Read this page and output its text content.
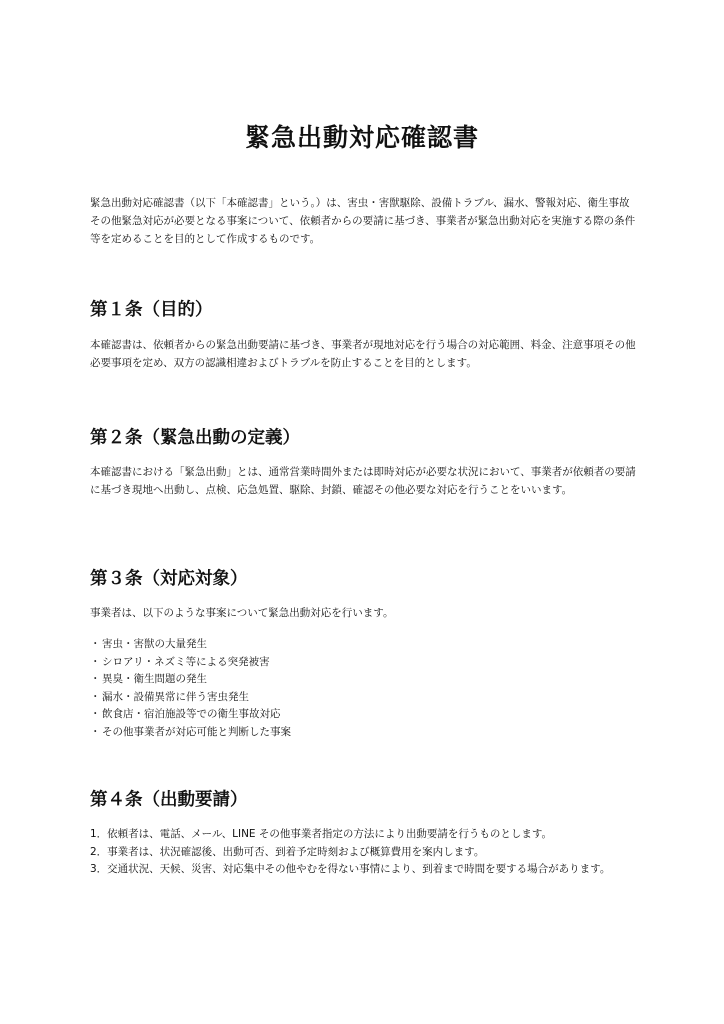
緊急出動対応確認書

緊急出動対応確認書（以下「本確認書」という。）は、害虫・害獣駆除、設備トラブル、漏水、警報対応、衛生事故その他緊急対応が必要となる事案について、依頼者からの要請に基づき、事業者が緊急出動対応を実施する際の条件等を定めることを目的として作成するものです。

第１条（目的）

本確認書は、依頼者からの緊急出動要請に基づき、事業者が現地対応を行う場合の対応範囲、料金、注意事項その他必要事項を定め、双方の認識相違およびトラブルを防止することを目的とします。

第２条（緊急出動の定義）

本確認書における「緊急出動」とは、通常営業時間外または即時対応が必要な状況において、事業者が依頼者の要請に基づき現地へ出動し、点検、応急処置、駆除、封鎖、確認その他必要な対応を行うことをいいます。

第３条（対応対象）

事業者は、以下のような事案について緊急出動対応を行います。

・ 害虫・害獣の大量発生
・ シロアリ・ネズミ等による突発被害
・ 異臭・衛生問題の発生
・ 漏水・設備異常に伴う害虫発生
・ 飲食店・宿泊施設等での衛生事故対応
・ その他事業者が対応可能と判断した事案
第４条（出動要請）
1．依頼者は、電話、メール、LINE その他事業者指定の方法により出動要請を行うものとします。
2．事業者は、状況確認後、出動可否、到着予定時刻および概算費用を案内します。
3．交通状況、天候、災害、対応集中その他やむを得ない事情により、到着まで時間を要する場合があります。
